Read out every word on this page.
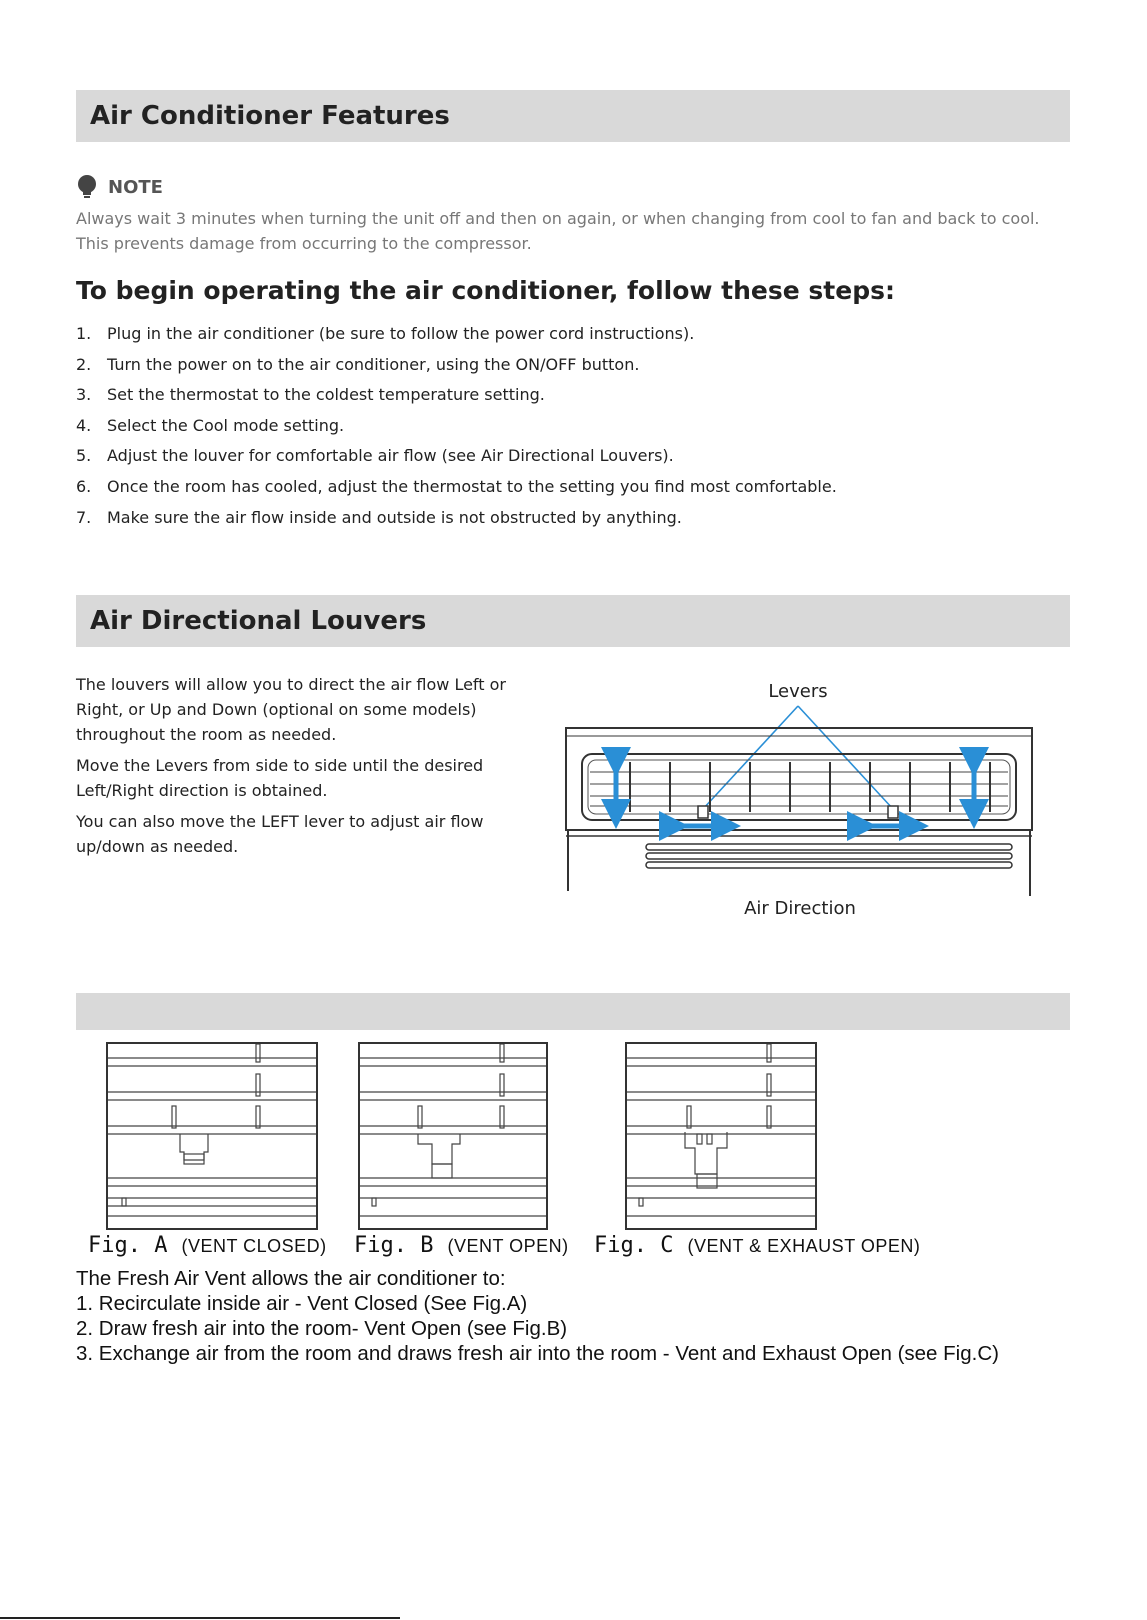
Air Conditioner Features
NOTE

Always wait 3 minutes when turning the unit off and then on again, or when changing from cool to fan and back to cool. This prevents damage from occurring to the compressor.

To begin operating the air conditioner, follow these steps:
1. Plug in the air conditioner (be sure to follow the power cord instructions).
2. Turn the power on to the air conditioner, using the ON/OFF button.
3. Set the thermostat to the coldest temperature setting.
4. Select the Cool mode setting.
5. Adjust the louver for comfortable air flow (see Air Directional Louvers).
6. Once the room has cooled, adjust the thermostat to the setting you find most comfortable.
7. Make sure the air flow inside and outside is not obstructed by anything.
Air Directional Louvers

The louvers will allow you to direct the air flow Left or Right, or Up and Down (optional on some models) throughout the room as needed.

Move the Levers from side to side until the desired Left/Right direction is obtained.

You can also move the LEFT lever to adjust air flow up/down as needed.

Levers
Air Direction
Fig. A (VENT CLOSED) Fig. B (VENT OPEN) Fig. C (VENT & EXHAUST OPEN)
The Fresh Air Vent allows the air conditioner to:
1. Recirculate inside air - Vent Closed (See Fig.A)
2. Draw fresh air into the room- Vent Open (see Fig.B)
3. Exchange air from the room and draws fresh air into the room - Vent and Exhaust Open (see Fig.C)
